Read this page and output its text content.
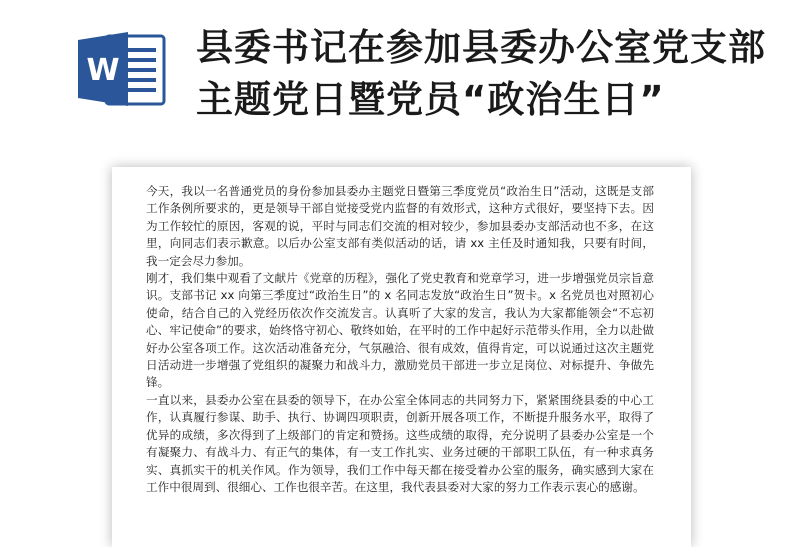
W
县委书记在参加县委办公室党支部主题党日暨党员“政治生日”

今天，我以一名普通党员的身份参加县委办主题党日暨第三季度党员“政治生日”活动，这既是支部工作条例所要求的，更是领导干部自觉接受党内监督的有效形式，这种方式很好，要坚持下去。因为工作较忙的原因，客观的说，平时与同志们交流的相对较少，参加县委办支部活动也不多，在这里，向同志们表示歉意。以后办公室支部有类似活动的话，请 xx 主任及时通知我，只要有时间，我一定会尽力参加。

刚才，我们集中观看了文献片《党章的历程》，强化了党史教育和党章学习，进一步增强党员宗旨意识。支部书记 xx 向第三季度过“政治生日”的 x 名同志发放“政治生日”贺卡。x 名党员也对照初心使命，结合自己的入党经历依次作交流发言。认真听了大家的发言，我认为大家都能领会“不忘初心、牢记使命”的要求，始终恪守初心、敬终如始，在平时的工作中起好示范带头作用，全力以赴做好办公室各项工作。这次活动准备充分，气氛融洽、很有成效，值得肯定，可以说通过这次主题党日活动进一步增强了党组织的凝聚力和战斗力，激励党员干部进一步立足岗位、对标提升、争做先锋。

一直以来，县委办公室在县委的领导下，在办公室全体同志的共同努力下，紧紧围绕县委的中心工作，认真履行参谋、助手、执行、协调四项职责，创新开展各项工作，不断提升服务水平，取得了优异的成绩，多次得到了上级部门的肯定和赞扬。这些成绩的取得，充分说明了县委办公室是一个有凝聚力、有战斗力、有正气的集体，有一支工作扎实、业务过硬的干部职工队伍，有一种求真务实、真抓实干的机关作风。作为领导，我们工作中每天都在接受着办公室的服务，确实感到大家在工作中很周到、很细心、工作也很辛苦。在这里，我代表县委对大家的努力工作表示衷心的感谢。
